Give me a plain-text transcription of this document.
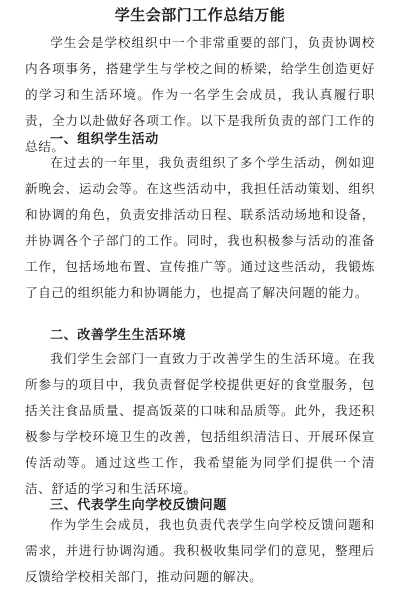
学生会部门工作总结万能

学生会是学校组织中一个非常重要的部门，负责协调校内各项事务，搭建学生与学校之间的桥梁，给学生创造更好的学习和生活环境。作为一名学生会成员，我认真履行职责，全力以赴做好各项工作。以下是我所负责的部门工作的总结。

一、组织学生活动

在过去的一年里，我负责组织了多个学生活动，例如迎新晚会、运动会等。在这些活动中，我担任活动策划、组织和协调的角色，负责安排活动日程、联系活动场地和设备，并协调各个子部门的工作。同时，我也积极参与活动的准备工作，包括场地布置、宣传推广等。通过这些活动，我锻炼了自己的组织能力和协调能力，也提高了解决问题的能力。

二、改善学生生活环境

我们学生会部门一直致力于改善学生的生活环境。在我所参与的项目中，我负责督促学校提供更好的食堂服务，包括关注食品质量、提高饭菜的口味和品质等。此外，我还积极参与学校环境卫生的改善，包括组织清洁日、开展环保宣传活动等。通过这些工作，我希望能为同学们提供一个清洁、舒适的学习和生活环境。

三、代表学生向学校反馈问题

作为学生会成员，我也负责代表学生向学校反馈问题和需求，并进行协调沟通。我积极收集同学们的意见，整理后反馈给学校相关部门，推动问题的解决。
